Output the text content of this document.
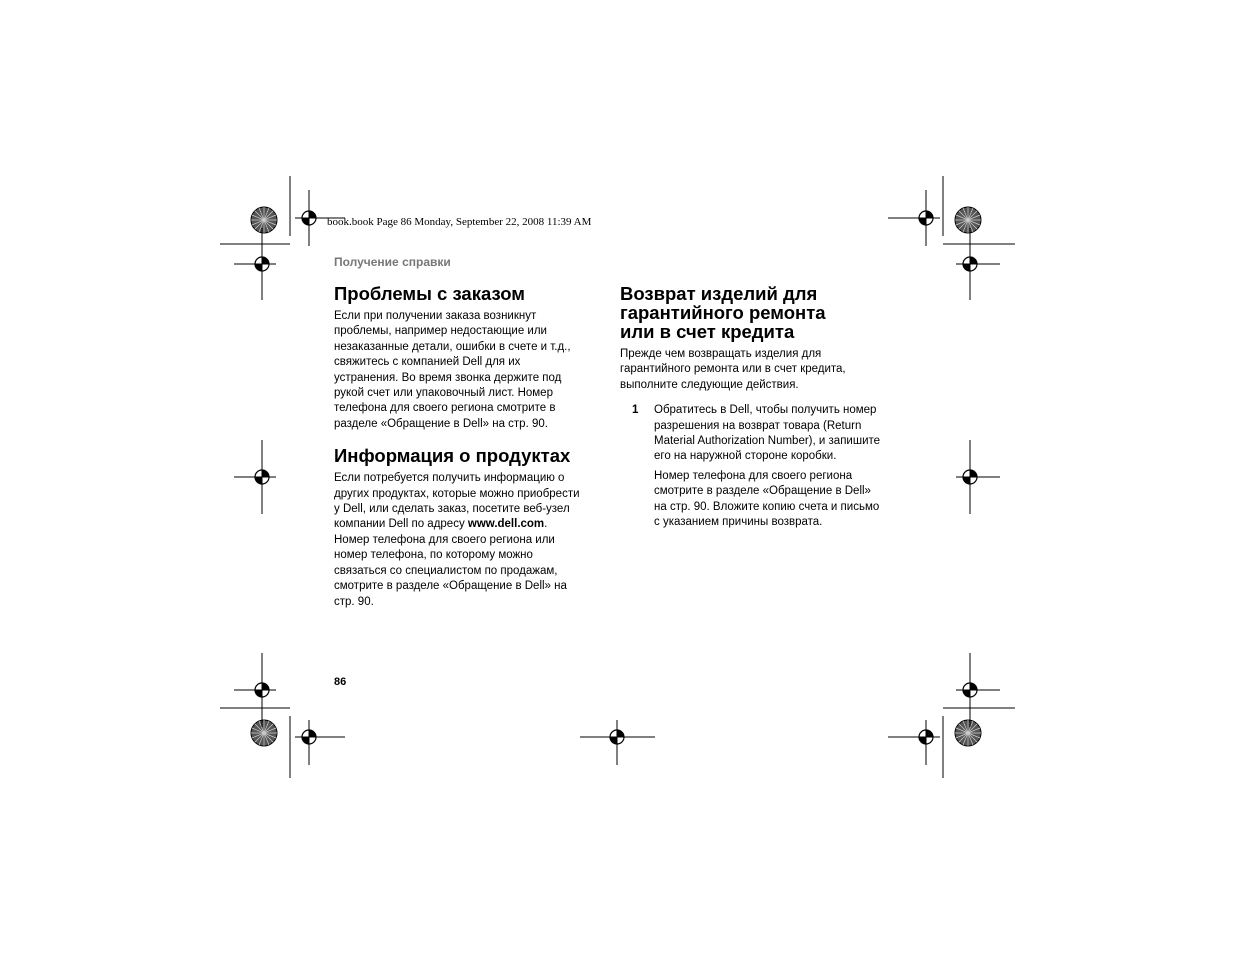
book.book Page 86 Monday, September 22, 2008 11:39 AM
Получение справки
Проблемы с заказом

Если при получении заказа возникнут проблемы, например недостающие или незаказанные детали, ошибки в счете и т.д., свяжитесь с компанией Dell для их устранения. Во время звонка держите под рукой счет или упаковочный лист. Номер телефона для своего региона смотрите в разделе «Обращение в Dell» на стр. 90.

Информация о продуктах

Если потребуется получить информацию о других продуктах, которые можно приобрести у Dell, или сделать заказ, посетите веб-узел компании Dell по адресу www.dell.com. Номер телефона для своего региона или номер телефона, по которому можно связаться со специалистом по продажам, смотрите в разделе «Обращение в Dell» на стр. 90.

Возврат изделий для
гарантийного ремонта
или в счет кредита

Прежде чем возвращать изделия для гарантийного ремонта или в счет кредита, выполните следующие действия.

1 Обратитесь в Dell, чтобы получить номер разрешения на возврат товара (Return Material Authorization Number), и запишите его на наружной стороне коробки.

Номер телефона для своего региона смотрите в разделе «Обращение в Dell» на стр. 90. Вложите копию счета и письмо с указанием причины возврата.

86
